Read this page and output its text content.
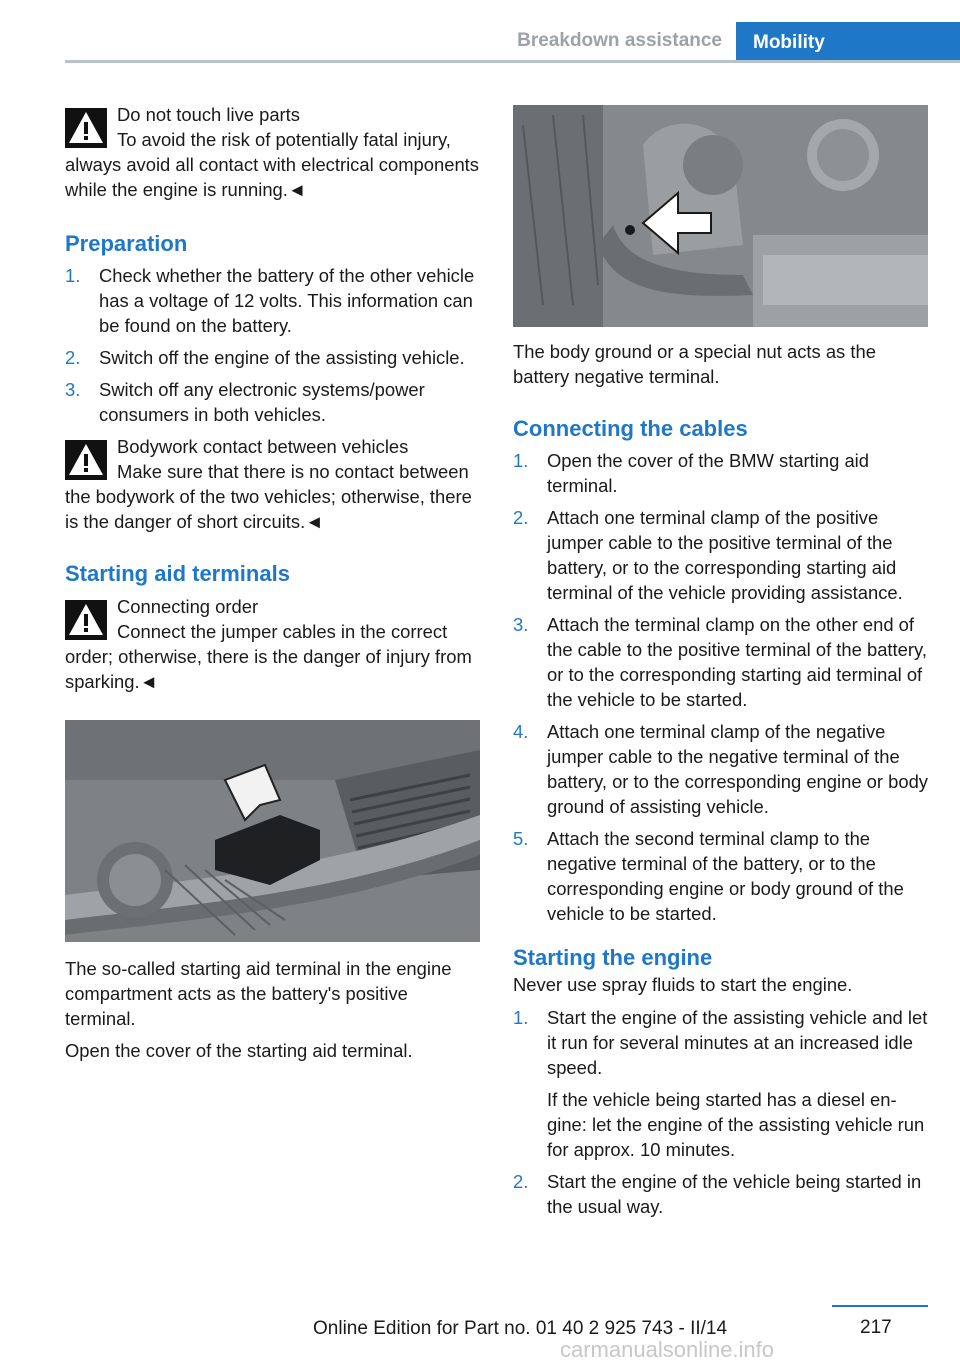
Breakdown assistance	Mobility
Do not touch live parts
To avoid the risk of potentially fatal injury, always avoid all contact with electrical components while the engine is running.◄
Preparation
1. Check whether the battery of the other vehicle has a voltage of 12 volts. This information can be found on the battery.
2. Switch off the engine of the assisting vehicle.
3. Switch off any electronic systems/power consumers in both vehicles.
Bodywork contact between vehicles
Make sure that there is no contact between the bodywork of the two vehicles; otherwise, there is the danger of short circuits.◄
Starting aid terminals
Connecting order
Connect the jumper cables in the correct order; otherwise, there is the danger of injury from sparking.◄

The so-called starting aid terminal in the engine compartment acts as the battery's positive terminal.

Open the cover of the starting aid terminal.

The body ground or a special nut acts as the battery negative terminal.

Connecting the cables
1. Open the cover of the BMW starting aid terminal.
2. Attach one terminal clamp of the positive jumper cable to the positive terminal of the battery, or to the corresponding starting aid terminal of the vehicle providing assistance.
3. Attach the terminal clamp on the other end of the cable to the positive terminal of the battery, or to the corresponding starting aid terminal of the vehicle to be started.
4. Attach one terminal clamp of the negative jumper cable to the negative terminal of the battery, or to the corresponding engine or body ground of assisting vehicle.
5. Attach the second terminal clamp to the negative terminal of the battery, or to the corresponding engine or body ground of the vehicle to be started.
Starting the engine

Never use spray fluids to start the engine.

1. Start the engine of the assisting vehicle and let it run for several minutes at an increased idle speed.
If the vehicle being started has a diesel engine: let the engine of the assisting vehicle run for approx. 10 minutes.
2. Start the engine of the vehicle being started in the usual way.
217
Online Edition for Part no. 01 40 2 925 743 - II/14
carmanualsonline.info
